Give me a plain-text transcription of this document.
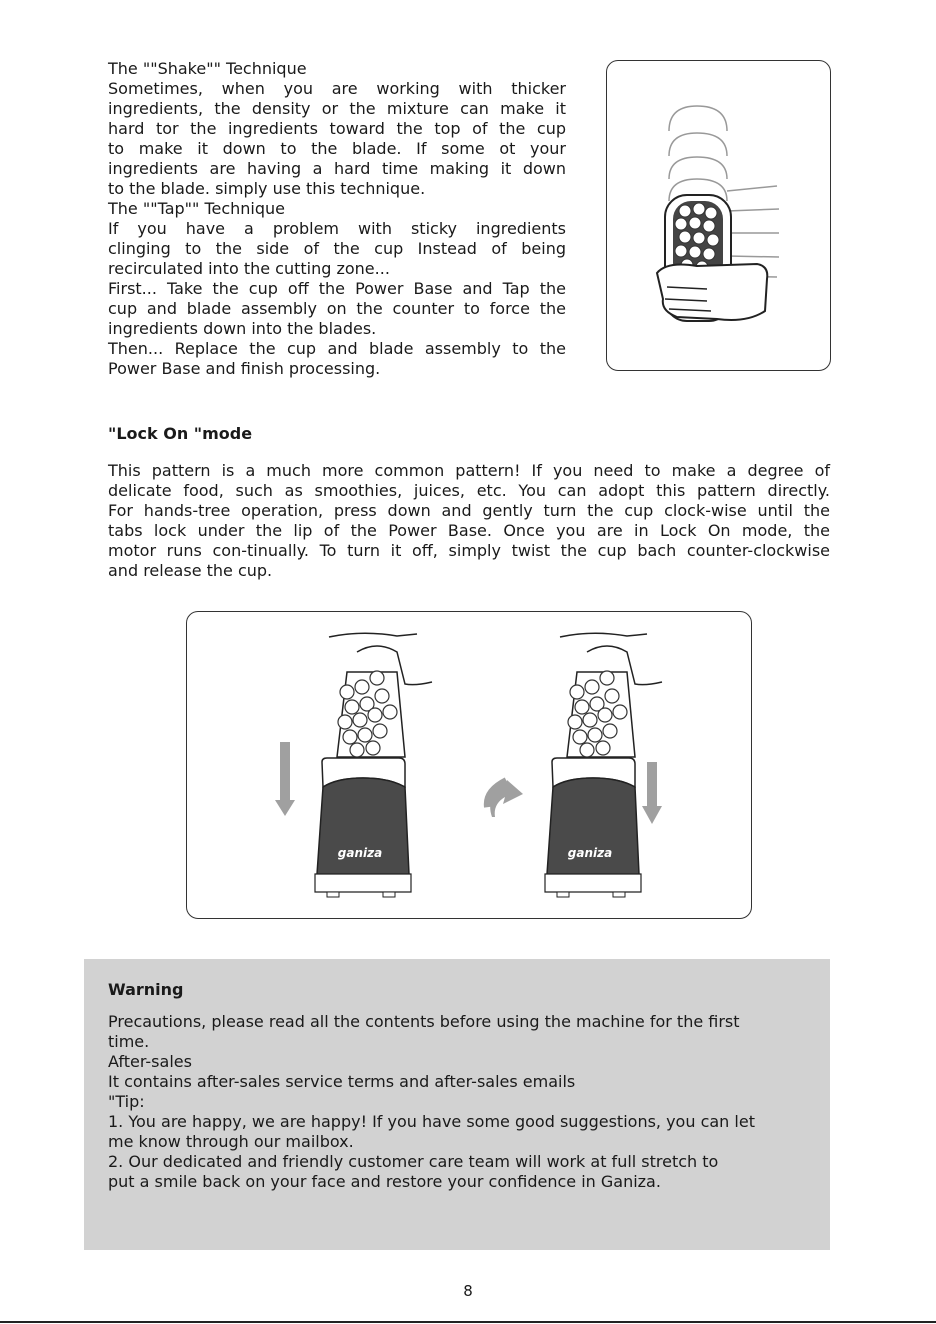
The ""Shake"" Technique
Sometimes, when you are working with thicker
ingredients, the density or the mixture can make it
hard tor the ingredients toward the top of the cup
to make it down to the blade. If some ot your
ingredients are having a hard time making it down
to the blade. simply use this technique.
The ""Tap"" Technique
If you have a problem with sticky ingredients
clinging to the side of the cup Instead of being
recirculated into the cutting zone...
First... Take the cup off the Power Base and Tap the
cup and blade assembly on the counter to force the
ingredients down into the blades.
Then... Replace the cup and blade assembly to the
Power Base and finish processing.
"Lock On "mode
This pattern is a much more common pattern! If you need to make a degree of
delicate food, such as smoothies, juices, etc. You can adopt this pattern directly.
For hands-tree operation, press down and gently turn the cup clock-wise until the
tabs lock under the lip of the Power Base. Once you are in Lock On mode, the
motor runs con-tinually. To turn it off, simply twist the cup bach counter-clockwise
and release the cup.
ganiza	ganiza
Warning
Precautions, please read all the contents before using the machine for the first
time.
After-sales
It contains after-sales service terms and after-sales emails
"Tip:
1. You are happy, we are happy! If you have some good suggestions, you can let
me know through our mailbox.
2. Our dedicated and friendly customer care team will work at full stretch to
put a smile back on your face and restore your confidence in Ganiza.
8
